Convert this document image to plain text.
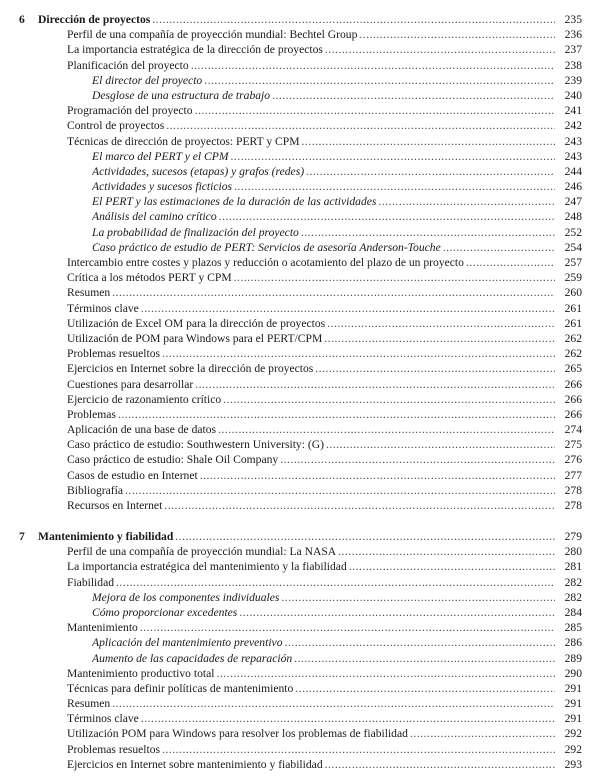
6 Dirección de proyectos .....	235
Perfil de una compañía de proyección mundial: Bechtel Group .....	236
La importancia estratégica de la dirección de proyectos .....	237
Planificación del proyecto .....	238
El director del proyecto .....	239
Desglose de una estructura de trabajo .....	240
Programación del proyecto .....	241
Control de proyectos .....	242
Técnicas de dirección de proyectos: PERT y CPM .....	243
El marco del PERT y el CPM .....	243
Actividades, sucesos (etapas) y grafos (redes) .....	244
Actividades y sucesos ficticios .....	246
El PERT y las estimaciones de la duración de las actividades .....	247
Análisis del camino crítico .....	248
La probabilidad de finalización del proyecto .....	252
Caso práctico de estudio de PERT: Servicios de asesoría Anderson-Touche .....	254
Intercambio entre costes y plazos y reducción o acotamiento del plazo de un proyecto .....	257
Crítica a los métodos PERT y CPM .....	259
Resumen .....	260
Términos clave .....	261
Utilización de Excel OM para la dirección de proyectos .....	261
Utilización de POM para Windows para el PERT/CPM .....	262
Problemas resueltos .....	262
Ejercicios en Internet sobre la dirección de proyectos .....	265
Cuestiones para desarrollar .....	266
Ejercicio de razonamiento crítico .....	266
Problemas .....	266
Aplicación de una base de datos .....	274
Caso práctico de estudio: Southwestern University: (G) .....	275
Caso práctico de estudio: Shale Oil Company .....	276
Casos de estudio en Internet .....	277
Bibliografía .....	278
Recursos en Internet .....	278
7 Mantenimiento y fiabilidad .....	279
Perfil de una compañía de proyección mundial: La NASA .....	280
La importancia estratégica del mantenimiento y la fiabilidad .....	281
Fiabilidad .....	282
Mejora de los componentes individuales .....	282
Cómo proporcionar excedentes .....	284
Mantenimiento .....	285
Aplicación del mantenimiento preventivo .....	286
Aumento de las capacidades de reparación .....	289
Mantenimiento productivo total .....	290
Técnicas para definir políticas de mantenimiento .....	291
Resumen .....	291
Términos clave .....	291
Utilización POM para Windows para resolver los problemas de fiabilidad .....	292
Problemas resueltos .....	292
Ejercicios en Internet sobre mantenimiento y fiabilidad .....	293
